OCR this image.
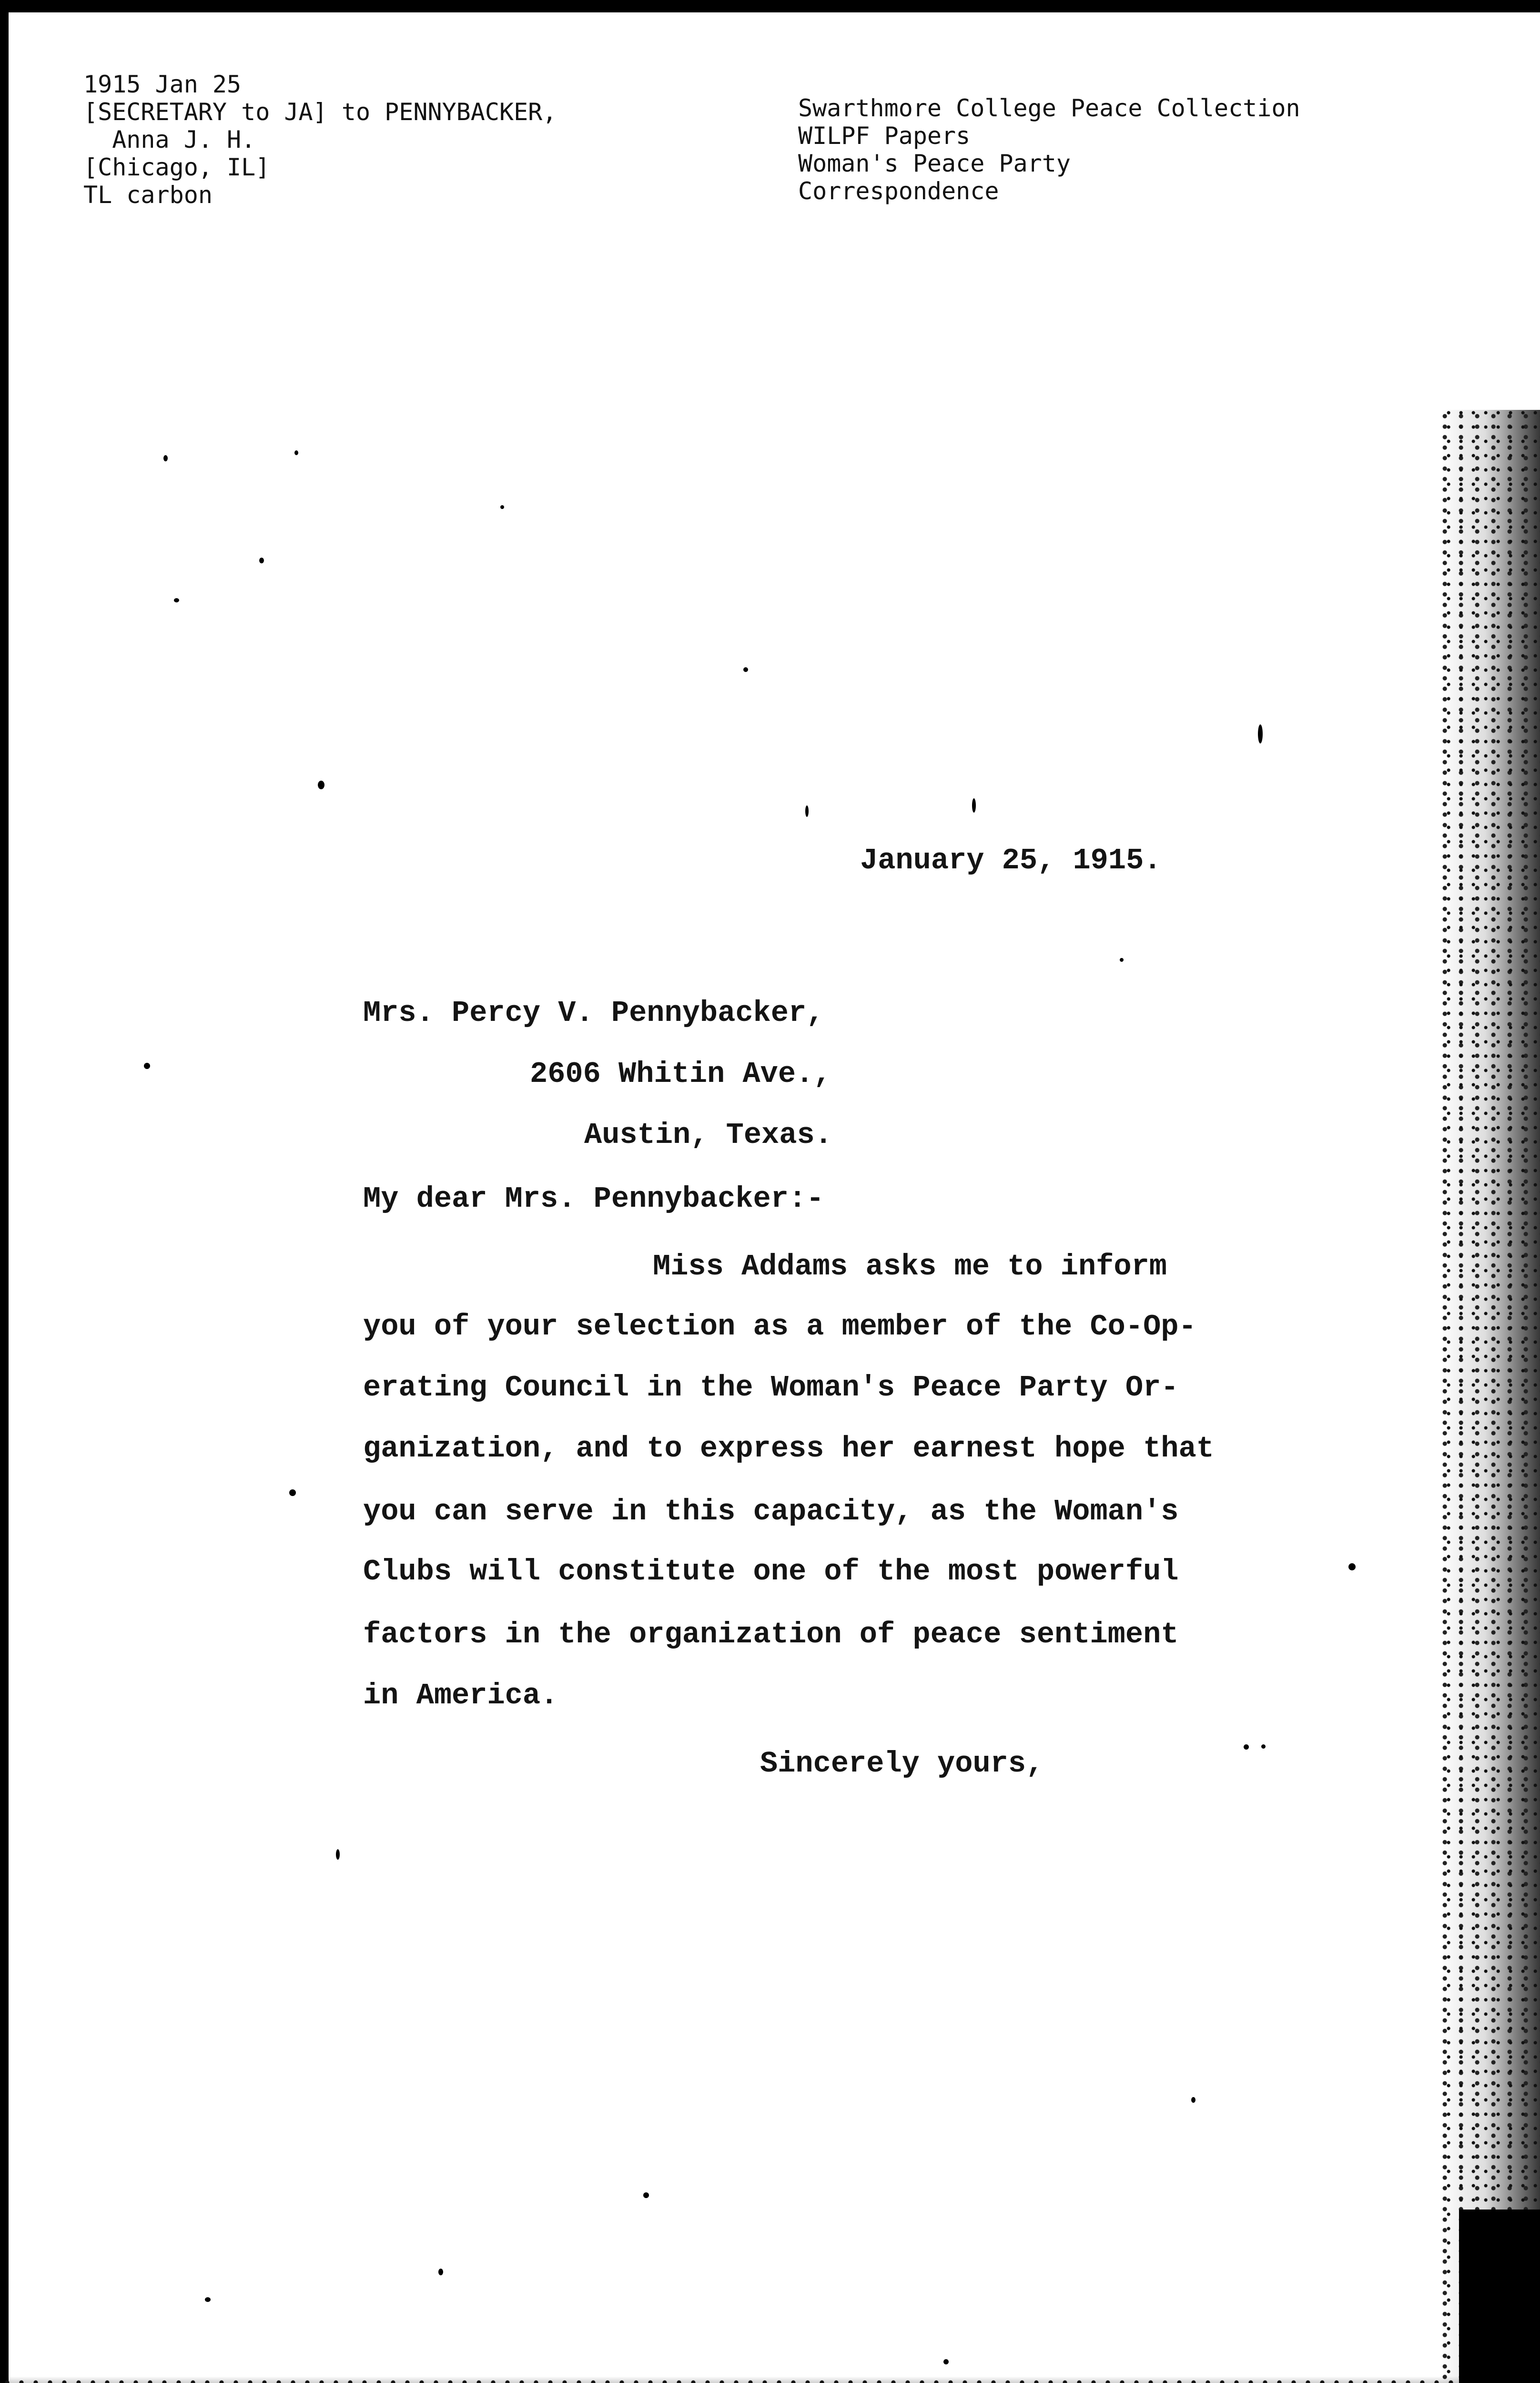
1915 Jan 25
[SECRETARY to JA] to PENNYBACKER,
Anna J. H.
[Chicago, IL]
TL carbon
Swarthmore College Peace Collection
WILPF Papers
Woman's Peace Party
Correspondence
January 25, 1915.
Mrs. Percy V. Pennybacker,
2606 Whitin Ave.,
Austin, Texas.
My dear Mrs. Pennybacker:-
Miss Addams asks me to inform
you of your selection as a member of the Co-Op-
erating Council in the Woman's Peace Party Or-
ganization, and to express her earnest hope that
you can serve in this capacity, as the Woman's
Clubs will constitute one of the most powerful
factors in the organization of peace sentiment
in America.
Sincerely yours,
